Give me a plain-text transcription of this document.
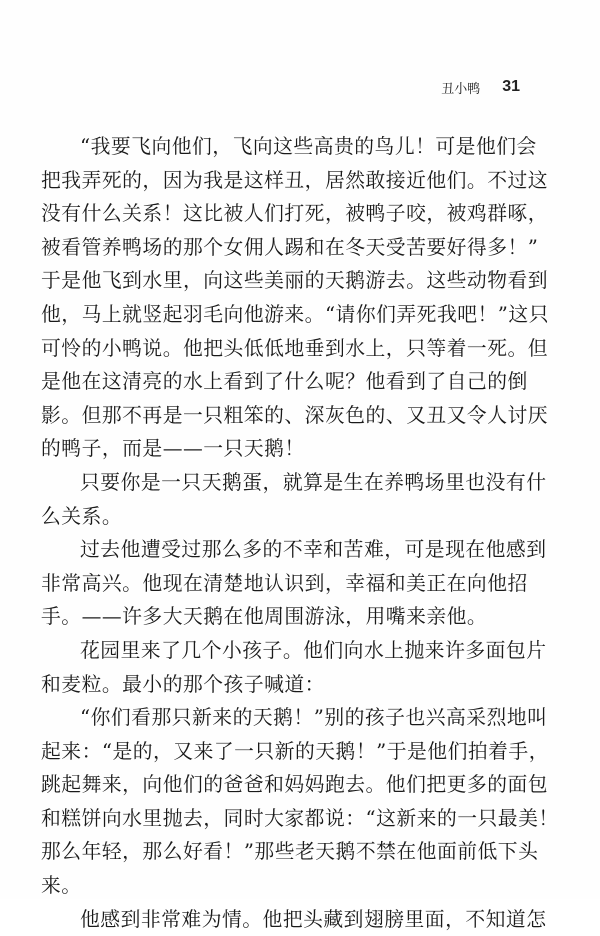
丑小鸭 31
“我要飞向他们，飞向这些高贵的鸟儿！可是他们会
把我弄死的，因为我是这样丑，居然敢接近他们。不过这
没有什么关系！这比被人们打死，被鸭子咬，被鸡群啄，
被看管养鸭场的那个女佣人踢和在冬天受苦要好得多！”
于是他飞到水里，向这些美丽的天鹅游去。这些动物看到
他，马上就竖起羽毛向他游来。“请你们弄死我吧！”这只
可怜的小鸭说。他把头低低地垂到水上，只等着一死。但
是他在这清亮的水上看到了什么呢？他看到了自己的倒
影。但那不再是一只粗笨的、深灰色的、又丑又令人讨厌
的鸭子，而是——一只天鹅！
只要你是一只天鹅蛋，就算是生在养鸭场里也没有什
么关系。
过去他遭受过那么多的不幸和苦难，可是现在他感到
非常高兴。他现在清楚地认识到，幸福和美正在向他招
手。——许多大天鹅在他周围游泳，用嘴来亲他。
花园里来了几个小孩子。他们向水上抛来许多面包片
和麦粒。最小的那个孩子喊道：
“你们看那只新来的天鹅！”别的孩子也兴高采烈地叫
起来：“是的，又来了一只新的天鹅！”于是他们拍着手，
跳起舞来，向他们的爸爸和妈妈跑去。他们把更多的面包
和糕饼向水里抛去，同时大家都说：“这新来的一只最美！
那么年轻，那么好看！”那些老天鹅不禁在他面前低下头
来。
他感到非常难为情。他把头藏到翅膀里面，不知道怎
